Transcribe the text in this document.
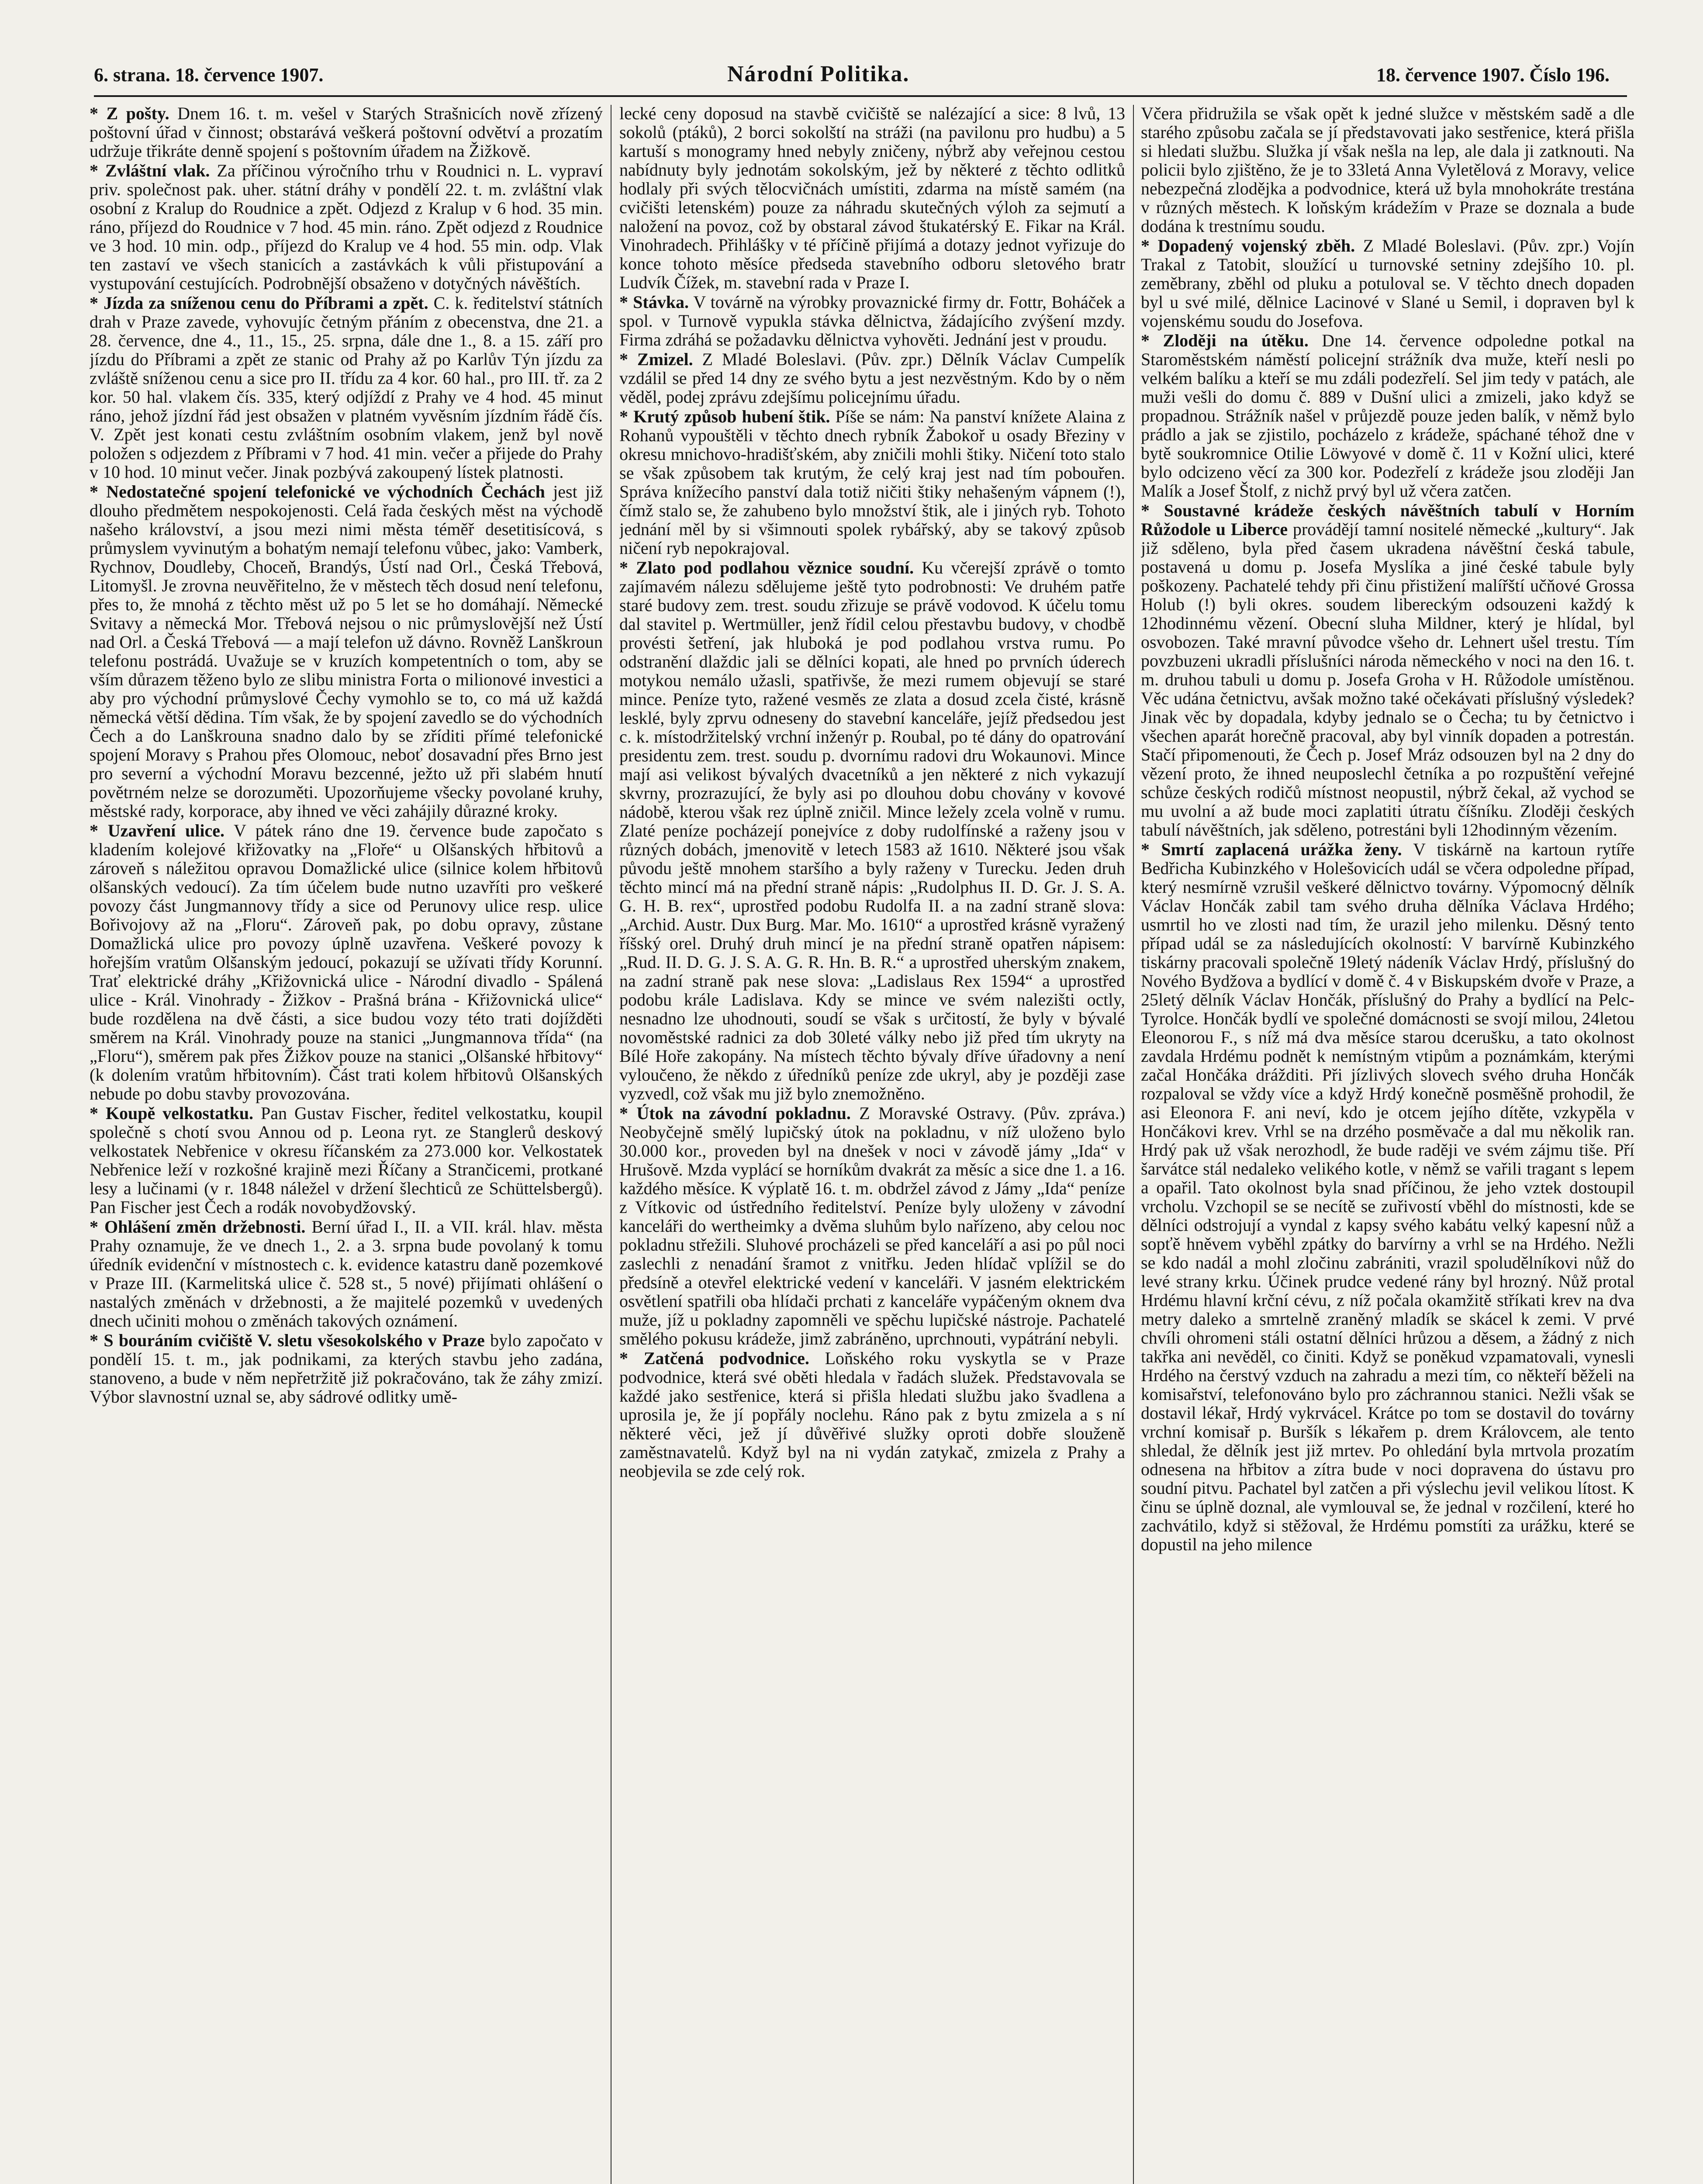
6. strana. 18. července 1907.	Národní Politika.	18. července 1907. Číslo 196.

* Z pošty. Dnem 16. t. m. vešel v Starých Strašnicích nově zřízený poštovní úřad v činnost; obstarává veškerá poštovní odvětví a prozatím udržuje třikráte denně spojení s poštovním úřadem na Žižkově.

* Zvláštní vlak. Za příčinou výročního trhu v Roudnici n. L. vypraví priv. společnost pak. uher. státní dráhy v pondělí 22. t. m. zvláštní vlak osobní z Kralup do Roudnice a zpět. Odjezd z Kralup v 6 hod. 35 min. ráno, příjezd do Roudnice v 7 hod. 45 min. ráno. Zpět odjezd z Roudnice ve 3 hod. 10 min. odp., příjezd do Kralup ve 4 hod. 55 min. odp. Vlak ten zastaví ve všech stanicích a zastávkách k vůli přistupování a vystupování cestujících. Podrobnější obsaženo v dotyčných návěštích.

* Jízda za sníženou cenu do Příbrami a zpět. C. k. ředitelství státních drah v Praze zavede, vyhovujíc četným přáním z obecenstva, dne 21. a 28. července, dne 4., 11., 15., 25. srpna, dále dne 1., 8. a 15. září pro jízdu do Příbrami a zpět ze stanic od Prahy až po Karlův Týn jízdu za zvláště sníženou cenu a sice pro II. třídu za 4 kor. 60 hal., pro III. tř. za 2 kor. 50 hal. vlakem čís. 335, který odjíždí z Prahy ve 4 hod. 45 minut ráno, jehož jízdní řád jest obsažen v platném vyvěsním jízdním řádě čís. V. Zpět jest konati cestu zvláštním osobním vlakem, jenž byl nově položen s odjezdem z Příbrami v 7 hod. 41 min. večer a přijede do Prahy v 10 hod. 10 minut večer. Jinak pozbývá zakoupený lístek platnosti.

* Nedostatečné spojení telefonické ve východních Čechách jest již dlouho předmětem nespokojenosti. Celá řada českých měst na východě našeho království, a jsou mezi nimi města téměř desetitisícová, s průmyslem vyvinutým a bohatým nemají telefonu vůbec, jako: Vamberk, Rychnov, Doudleby, Choceň, Brandýs, Ústí nad Orl., Česká Třebová, Litomyšl. Je zrovna neuvěřitelno, že v městech těch dosud není telefonu, přes to, že mnohá z těchto měst už po 5 let se ho domáhají. Německé Svitavy a německá Mor. Třebová nejsou o nic průmyslovější než Ústí nad Orl. a Česká Třebová — a mají telefon už dávno. Rovněž Lanškroun telefonu postrádá. Uvažuje se v kruzích kompetentních o tom, aby se vším důrazem těženo bylo ze slibu ministra Forta o milionové investici a aby pro východní průmyslové Čechy vymohlo se to, co má už každá německá větší dědina. Tím však, že by spojení zavedlo se do východních Čech a do Lanškrouna snadno dalo by se zříditi přímé telefonické spojení Moravy s Prahou přes Olomouc, neboť dosavadní přes Brno jest pro severní a východní Moravu bezcenné, ježto už při slabém hnutí povětrném nelze se dorozuměti. Upozorňujeme všecky povolané kruhy, městské rady, korporace, aby ihned ve věci zahájily důrazné kroky.

* Uzavření ulice. V pátek ráno dne 19. července bude započato s kladením kolejové křižovatky na „Floře“ u Olšanských hřbitovů a zároveň s náležitou opravou Domažlické ulice (silnice kolem hřbitovů olšanských vedoucí). Za tím účelem bude nutno uzavříti pro veškeré povozy část Jungmannovy třídy a sice od Perunovy ulice resp. ulice Bořivojovy až na „Floru“. Zároveň pak, po dobu opravy, zůstane Domažlická ulice pro povozy úplně uzavřena. Veškeré povozy k hořejším vratům Olšanským jedoucí, pokazují se užívati třídy Korunní. Trať elektrické dráhy „Křižovnická ulice - Národní divadlo - Spálená ulice - Král. Vinohrady - Žižkov - Prašná brána - Křižovnická ulice“ bude rozdělena na dvě části, a sice budou vozy této trati dojížděti směrem na Král. Vinohrady pouze na stanici „Jungmannova třída“ (na „Floru“), směrem pak přes Žižkov pouze na stanici „Olšanské hřbitovy“ (k dolením vratům hřbitovním). Část trati kolem hřbitovů Olšanských nebude po dobu stavby provozována.

* Koupě velkostatku. Pan Gustav Fischer, ředitel velkostatku, koupil společně s chotí svou Annou od p. Leona ryt. ze Stanglerů deskový velkostatek Nebřenice v okresu říčanském za 273.000 kor. Velkostatek Nebřenice leží v rozkošné krajině mezi Říčany a Strančicemi, protkané lesy a lučinami (v r. 1848 náležel v držení šlechticů ze Schüttelsbergů). Pan Fischer jest Čech a rodák novobydžovský.

* Ohlášení změn držebnosti. Berní úřad I., II. a VII. král. hlav. města Prahy oznamuje, že ve dnech 1., 2. a 3. srpna bude povolaný k tomu úředník evidenční v místnostech c. k. evidence katastru daně pozemkové v Praze III. (Karmelitská ulice č. 528 st., 5 nové) přijímati ohlášení o nastalých změnách v držebnosti, a že majitelé pozemků v uvedených dnech učiniti mohou o změnách takových oznámení.

* S bouráním cvičiště V. sletu všesokolského v Praze bylo započato v pondělí 15. t. m., jak podnikami, za kterých stavbu jeho zadána, stanoveno, a bude v něm nepřetržitě již pokračováno, tak že záhy zmizí. Výbor slavnostní uznal se, aby sádrové odlitky umě-

lecké ceny doposud na stavbě cvičiště se nalézající a sice: 8 lvů, 13 sokolů (ptáků), 2 borci sokolští na stráži (na pavilonu pro hudbu) a 5 kartuší s monogramy hned nebyly zničeny, nýbrž aby veřejnou cestou nabídnuty byly jednotám sokolským, jež by některé z těchto odlitků hodlaly při svých tělocvičnách umístiti, zdarma na místě samém (na cvičišti letenském) pouze za náhradu skutečných výloh za sejmutí a naložení na povoz, což by obstaral závod štukatérský E. Fikar na Král. Vinohradech. Přihlášky v té příčině přijímá a dotazy jednot vyřizuje do konce tohoto měsíce předseda stavebního odboru sletového bratr Ludvík Čížek, m. stavební rada v Praze I.

* Stávka. V továrně na výrobky provaznické firmy dr. Fottr, Boháček a spol. v Turnově vypukla stávka dělnictva, žádajícího zvýšení mzdy. Firma zdráhá se požadavku dělnictva vyhověti. Jednání jest v proudu.

* Zmizel. Z Mladé Boleslavi. (Pův. zpr.) Dělník Václav Cumpelík vzdálil se před 14 dny ze svého bytu a jest nezvěstným. Kdo by o něm věděl, podej zprávu zdejšímu policejnímu úřadu.

* Krutý způsob hubení štik. Píše se nám: Na panství knížete Alaina z Rohanů vypouštěli v těchto dnech rybník Žabokoř u osady Březiny v okresu mnichovo-hradišťském, aby zničili mohli štiky. Ničení toto stalo se však způsobem tak krutým, že celý kraj jest nad tím pobouřen. Správa knížecího panství dala totiž ničiti štiky nehašeným vápnem (!), čímž stalo se, že zahubeno bylo množství štik, ale i jiných ryb. Tohoto jednání měl by si všimnouti spolek rybářský, aby se takový způsob ničení ryb nepokrajoval.

* Zlato pod podlahou věznice soudní. Ku včerejší zprávě o tomto zajímavém nálezu sdělujeme ještě tyto podrobnosti: Ve druhém patře staré budovy zem. trest. soudu zřizuje se právě vodovod. K účelu tomu dal stavitel p. Wertmüller, jenž řídil celou přestavbu budovy, v chodbě provésti šetření, jak hluboká je pod podlahou vrstva rumu. Po odstranění dlaždic jali se dělníci kopati, ale hned po prvních úderech motykou nemálo užasli, spatřivše, že mezi rumem objevují se staré mince. Peníze tyto, ražené vesměs ze zlata a dosud zcela čisté, krásně lesklé, byly zprvu odneseny do stavební kanceláře, jejíž předsedou jest c. k. místodržitelský vrchní inženýr p. Roubal, po té dány do opatrování presidentu zem. trest. soudu p. dvornímu radovi dru Wokaunovi. Mince mají asi velikost bývalých dvacetníků a jen některé z nich vykazují skvrny, prozrazující, že byly asi po dlouhou dobu chovány v kovové nádobě, kterou však rez úplně zničil. Mince ležely zcela volně v rumu. Zlaté peníze pocházejí ponejvíce z doby rudolfínské a raženy jsou v různých dobách, jmenovitě v letech 1583 až 1610. Některé jsou však původu ještě mnohem staršího a byly raženy v Turecku. Jeden druh těchto mincí má na přední straně nápis: „Rudolphus II. D. Gr. J. S. A. G. H. B. rex“, uprostřed podobu Rudolfa II. a na zadní straně slova: „Archid. Austr. Dux Burg. Mar. Mo. 1610“ a uprostřed krásně vyražený říšský orel. Druhý druh mincí je na přední straně opatřen nápisem: „Rud. II. D. G. J. S. A. G. R. Hn. B. R.“ a uprostřed uherským znakem, na zadní straně pak nese slova: „Ladislaus Rex 1594“ a uprostřed podobu krále Ladislava. Kdy se mince ve svém nalezišti octly, nesnadno lze uhodnouti, soudí se však s určitostí, že byly v bývalé novoměstské radnici za dob 30leté války nebo již před tím ukryty na Bílé Hoře zakopány. Na místech těchto bývaly dříve úřadovny a není vyloučeno, že někdo z úředníků peníze zde ukryl, aby je později zase vyzvedl, což však mu již bylo znemožněno.

* Útok na závodní pokladnu. Z Moravské Ostravy. (Pův. zpráva.) Neobyčejně smělý lupičský útok na pokladnu, v níž uloženo bylo 30.000 kor., proveden byl na dnešek v noci v závodě jámy „Ida“ v Hrušově. Mzda vyplácí se horníkům dvakrát za měsíc a sice dne 1. a 16. každého měsíce. K výplatě 16. t. m. obdržel závod z Jámy „Ida“ peníze z Vítkovic od ústředního ředitelství. Peníze byly uloženy v závodní kanceláři do wertheimky a dvěma sluhům bylo nařízeno, aby celou noc pokladnu střežili. Sluhové procházeli se před kanceláří a asi po půl noci zaslechli z nenadání šramot z vnitřku. Jeden hlídač vplížil se do předsíně a otevřel elektrické vedení v kanceláři. V jasném elektrickém osvětlení spatřili oba hlídači prchati z kanceláře vypáčeným oknem dva muže, jíž u pokladny zapomněli ve spěchu lupičské nástroje. Pachatelé smělého pokusu krádeže, jimž zabráněno, uprchnouti, vypátrání nebyli.

* Zatčená podvodnice. Loňského roku vyskytla se v Praze podvodnice, která své oběti hledala v řadách služek. Představovala se každé jako sestřenice, která si přišla hledati službu jako švadlena a uprosila je, že jí popřály noclehu. Ráno pak z bytu zmizela a s ní některé věci, jež jí důvěřivé služky oproti dobře slouženě zaměstnavatelů. Když byl na ni vydán zatykač, zmizela z Prahy a neobjevila se zde celý rok.

Včera přidružila se však opět k jedné služce v městském sadě a dle starého způsobu začala se jí představovati jako sestřenice, která přišla si hledati službu. Služka jí však nešla na lep, ale dala ji zatknouti. Na policii bylo zjištěno, že je to 33letá Anna Vyletělová z Moravy, velice nebezpečná zlodějka a podvodnice, která už byla mnohokráte trestána v různých městech. K loňským krádežím v Praze se doznala a bude dodána k trestnímu soudu.

* Dopadený vojenský zběh. Z Mladé Boleslavi. (Pův. zpr.) Vojín Trakal z Tatobit, sloužící u turnovské setniny zdejšího 10. pl. zeměbrany, zběhl od pluku a potuloval se. V těchto dnech dopaden byl u své milé, dělnice Lacinové v Slané u Semil, i dopraven byl k vojenskému soudu do Josefova.

* Zloději na útěku. Dne 14. července odpoledne potkal na Staroměstském náměstí policejní strážník dva muže, kteří nesli po velkém balíku a kteří se mu zdáli podezřelí. Sel jim tedy v patách, ale muži vešli do domu č. 889 v Dušní ulici a zmizeli, jako když se propadnou. Strážník našel v průjezdě pouze jeden balík, v němž bylo prádlo a jak se zjistilo, pocházelo z krádeže, spáchané téhož dne v bytě soukromnice Otilie Löwyové v domě č. 11 v Kožní ulici, které bylo odcizeno věcí za 300 kor. Podezřelí z krádeže jsou zloději Jan Malík a Josef Štolf, z nichž prvý byl už včera zatčen.

* Soustavné krádeže českých návěštních tabulí v Horním Růžodole u Liberce provádějí tamní nositelé německé „kultury“. Jak již sděleno, byla před časem ukradena návěštní česká tabule, postavená u domu p. Josefa Myslíka a jiné české tabule byly poškozeny. Pachatelé tehdy při činu přistižení malířští učňové Grossa Holub (!) byli okres. soudem libereckým odsouzeni každý k 12hodinnému vězení. Obecní sluha Mildner, který je hlídal, byl osvobozen. Také mravní původce všeho dr. Lehnert ušel trestu. Tím povzbuzeni ukradli příslušníci národa německého v noci na den 16. t. m. druhou tabuli u domu p. Josefa Groha v H. Růžodole umístěnou. Věc udána četnictvu, avšak možno také očekávati příslušný výsledek? Jinak věc by dopadala, kdyby jednalo se o Čecha; tu by četnictvo i všechen aparát horečně pracoval, aby byl vinník dopaden a potrestán. Stačí připomenouti, že Čech p. Josef Mráz odsouzen byl na 2 dny do vězení proto, že ihned neuposlechl četníka a po rozpuštění veřejné schůze českých rodičů místnost neopustil, nýbrž čekal, až vychod se mu uvolní a až bude moci zaplatiti útratu číšníku. Zloději českých tabulí návěštních, jak sděleno, potrestáni byli 12hodinným vězením.

* Smrtí zaplacená urážka ženy. V tiskárně na kartoun rytíře Bedřicha Kubinzkého v Holešovicích udál se včera odpoledne případ, který nesmírně vzrušil veškeré dělnictvo továrny. Výpomocný dělník Václav Hončák zabil tam svého druha dělníka Václava Hrdého; usmrtil ho ve zlosti nad tím, že urazil jeho milenku. Děsný tento případ udál se za následujících okolností: V barvírně Kubinzkého tiskárny pracovali společně 19letý nádeník Václav Hrdý, příslušný do Nového Bydžova a bydlící v domě č. 4 v Biskupském dvoře v Praze, a 25letý dělník Václav Hončák, příslušný do Prahy a bydlící na Pelc-Tyrolce. Hončák bydlí ve společné domácnosti se svojí milou, 24letou Eleonorou F., s níž má dva měsíce starou dcerušku, a tato okolnost zavdala Hrdému podnět k nemístným vtipům a poznámkám, kterými začal Hončáka drážditi. Při jízlivých slovech svého druha Hončák rozpaloval se vždy více a když Hrdý konečně posměšně prohodil, že asi Eleonora F. ani neví, kdo je otcem jejího dítěte, vzkypěla v Hončákovi krev. Vrhl se na drzého posměvače a dal mu několik ran. Hrdý pak už však nerozhodl, že bude raději ve svém zájmu tiše. Pří šarvátce stál nedaleko velikého kotle, v němž se vařili tragant s lepem a opařil. Tato okolnost byla snad příčinou, že jeho vztek dostoupil vrcholu. Vzchopil se se necítě se zuřivostí vběhl do místnosti, kde se dělníci odstrojují a vyndal z kapsy svého kabátu velký kapesní nůž a sopťě hněvem vyběhl zpátky do barvírny a vrhl se na Hrdého. Nežli se kdo nadál a mohl zločinu zabrániti, vrazil spoludělníkovi nůž do levé strany krku. Účinek prudce vedené rány byl hrozný. Nůž protal Hrdému hlavní krční cévu, z níž počala okamžitě stříkati krev na dva metry daleko a smrtelně zraněný mladík se skácel k zemi. V prvé chvíli ohromeni stáli ostatní dělníci hrůzou a děsem, a žádný z nich takřka ani nevěděl, co činiti. Když se poněkud vzpamatovali, vynesli Hrdého na čerstvý vzduch na zahradu a mezi tím, co někteří běželi na komisařství, telefonováno bylo pro záchrannou stanici. Nežli však se dostavil lékař, Hrdý vykrvácel. Krátce po tom se dostavil do továrny vrchní komisař p. Buršík s lékařem p. drem Královcem, ale tento shledal, že dělník jest již mrtev. Po ohledání byla mrtvola prozatím odnesena na hřbitov a zítra bude v noci dopravena do ústavu pro soudní pitvu. Pachatel byl zatčen a při výslechu jevil velikou lítost. K činu se úplně doznal, ale vymlouval se, že jednal v rozčilení, které ho zachvátilo, když si stěžoval, že Hrdému pomstíti za urážku, které se dopustil na jeho milence
